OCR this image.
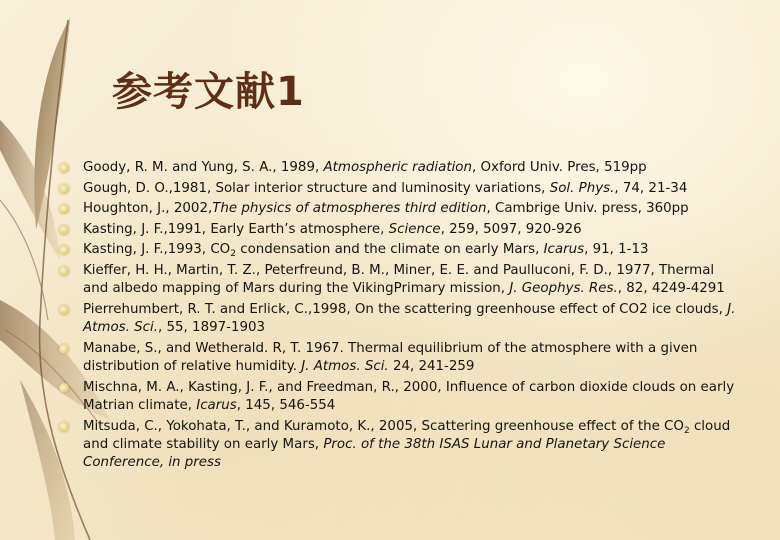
参考文献1
Goody, R. M. and Yung, S. A., 1989, Atmospheric radiation, Oxford Univ. Pres, 519pp
Gough, D. O.,1981, Solar interior structure and luminosity variations, Sol. Phys., 74, 21-34
Houghton, J., 2002,The physics of atmospheres third edition, Cambrige Univ. press, 360pp
Kasting, J. F.,1991, Early Earth’s atmosphere, Science, 259, 5097, 920-926
Kasting, J. F.,1993, $CO_2$ condensation and the climate on early Mars, Icarus, 91, 1-13
Kieffer, H. H., Martin, T. Z., Peterfreund, B. M., Miner, E. E. and Paulluconi, F. D., 1977, Thermal and albedo mapping of Mars during the VikingPrimary mission, J. Geophys. Res., 82, 4249-4291
Pierrehumbert, R. T. and Erlick, C.,1998, On the scattering greenhouse effect of CO2 ice clouds, J. Atmos. Sci., 55, 1897-1903
Manabe, S., and Wetherald. R, T. 1967. Thermal equilibrium of the atmosphere with a given distribution of relative humidity. J. Atmos. Sci. 24, 241-259
Mischna, M. A., Kasting, J. F., and Freedman, R., 2000, Influence of carbon dioxide clouds on early Matrian climate, Icarus, 145, 546-554
Mitsuda, C., Yokohata, T., and Kuramoto, K., 2005, Scattering greenhouse effect of the $CO_2$ cloud and climate stability on early Mars, Proc. of the 38th ISAS Lunar and Planetary Science Conference, in press
